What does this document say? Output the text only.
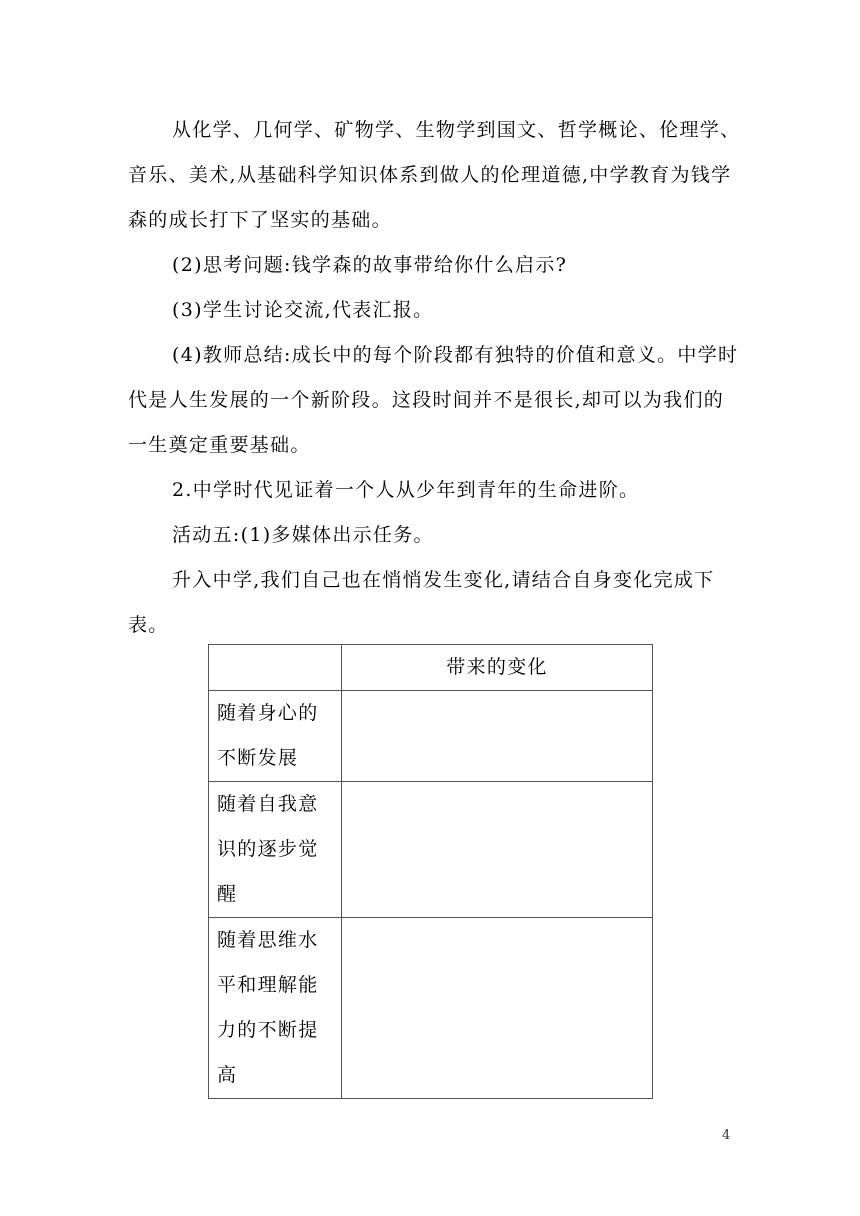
从化学、几何学、矿物学、生物学到国文、哲学概论、伦理学、
音乐、美术,从基础科学知识体系到做人的伦理道德,中学教育为钱学
森的成长打下了坚实的基础。
(2)思考问题:钱学森的故事带给你什么启示?
(3)学生讨论交流,代表汇报。
(4)教师总结:成长中的每个阶段都有独特的价值和意义。中学时
代是人生发展的一个新阶段。这段时间并不是很长,却可以为我们的
一生奠定重要基础。
2.中学时代见证着一个人从少年到青年的生命进阶。
活动五:(1)多媒体出示任务。
升入中学,我们自己也在悄悄发生变化,请结合自身变化完成下
表。
	带来的变化

随着身心的
不断发展	

随着自我意
识的逐步觉
醒	

随着思维水
平和理解能
力的不断提
高	

4
